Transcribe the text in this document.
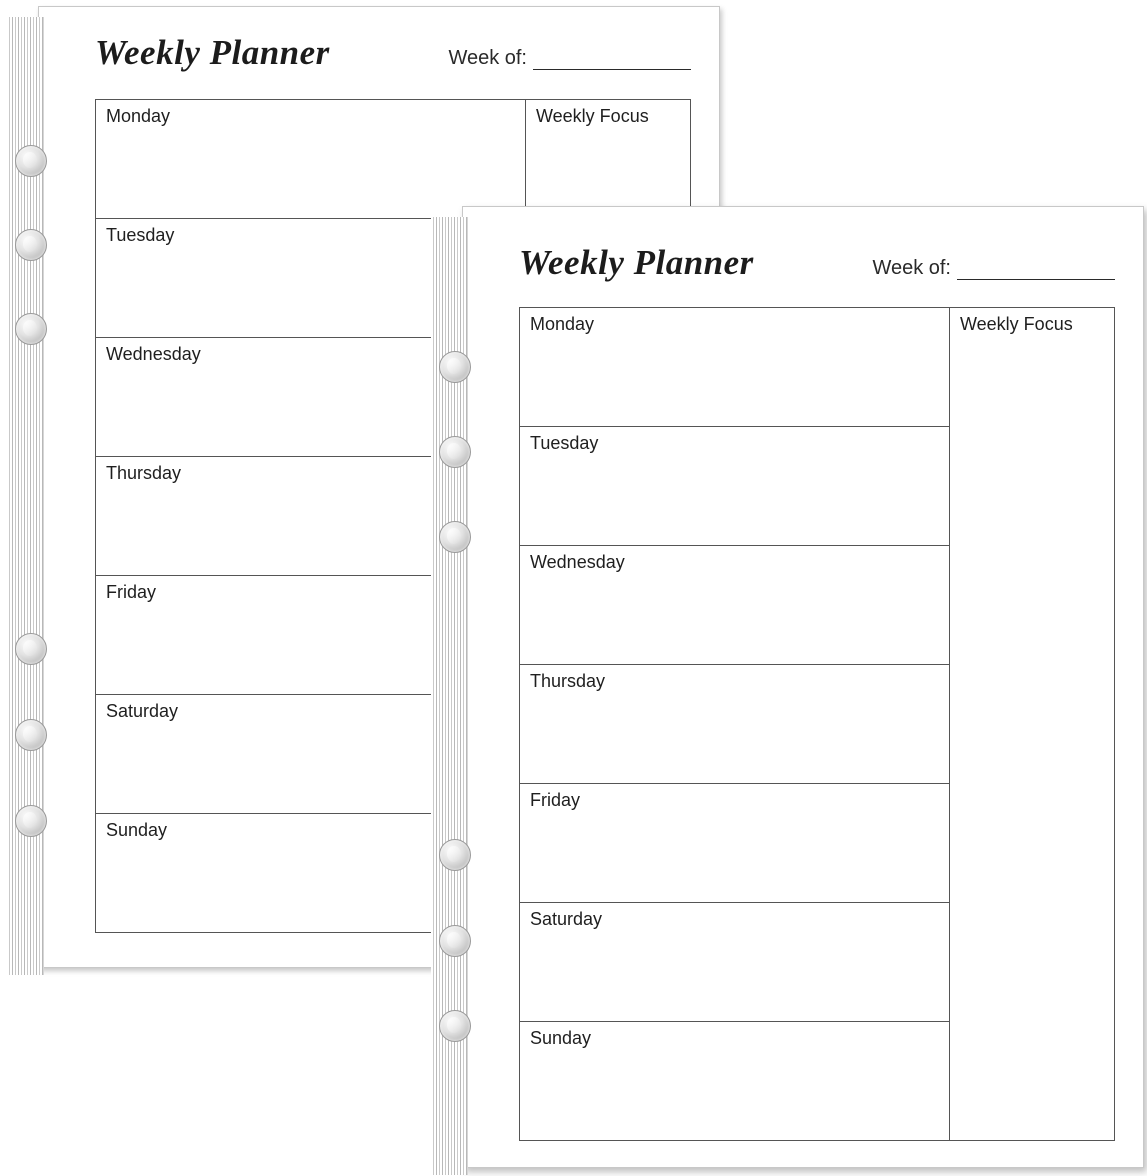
Weekly Planner	Week of:
Monday
Tuesday
Wednesday
Thursday
Friday
Saturday
Sunday
Weekly Focus
Weekly Planner	Week of:
Monday
Tuesday
Wednesday
Thursday
Friday
Saturday
Sunday
Weekly Focus
